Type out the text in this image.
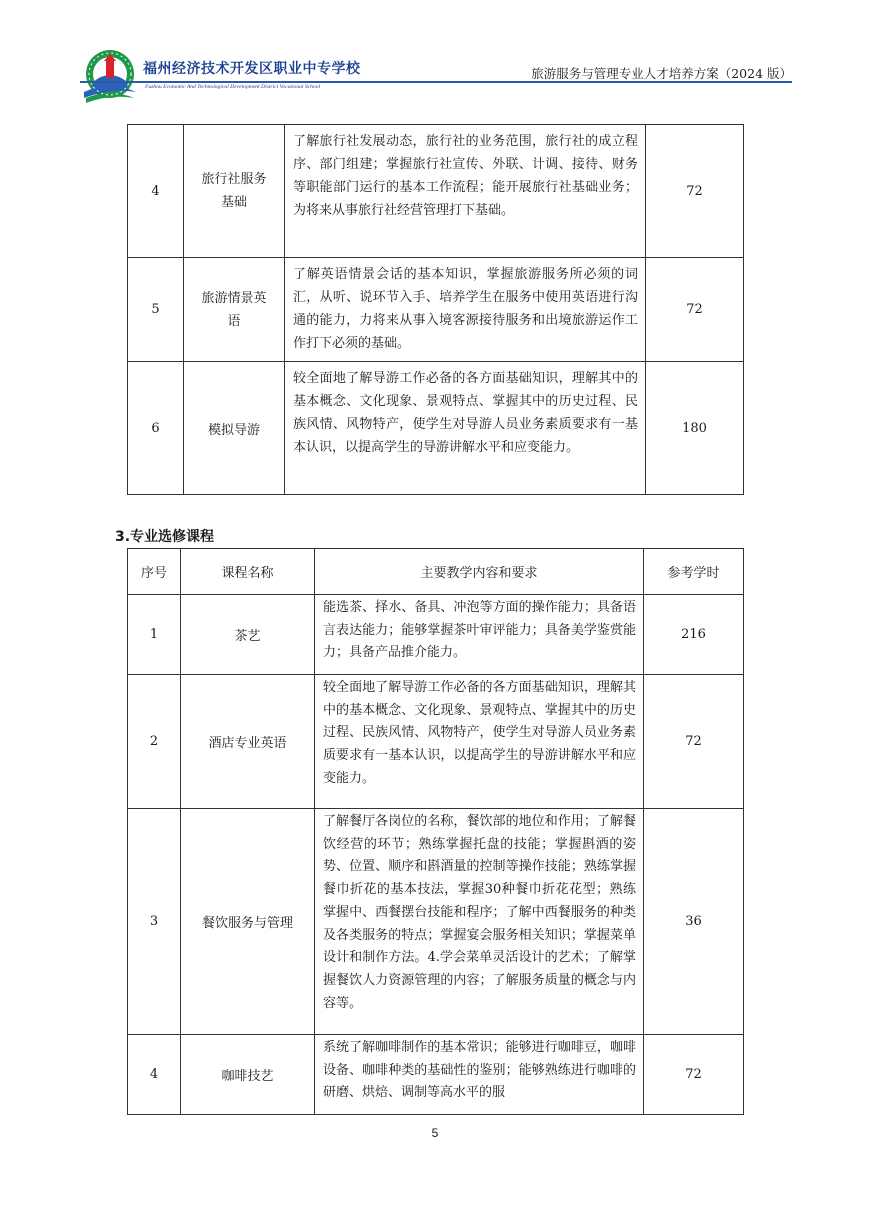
福州经济技术开发区职业中专学校
Fuzhou Economic And Technological Development District Vocational School
旅游服务与管理专业人才培养方案（2024 版）
4	旅行社服务基础	了解旅行社发展动态，旅行社的业务范围，旅行社的成立程序、部门组建；掌握旅行社宣传、外联、计调、接待、财务等职能部门运行的基本工作流程；能开展旅行社基础业务；为将来从事旅行社经营管理打下基础。	72
5	旅游情景英语	了解英语情景会话的基本知识，掌握旅游服务所必须的词汇，从听、说环节入手、培养学生在服务中使用英语进行沟通的能力，力将来从事入境客源接待服务和出境旅游运作工作打下必须的基础。	72
6	模拟导游	较全面地了解导游工作必备的各方面基础知识，理解其中的基本概念、文化现象、景观特点、掌握其中的历史过程、民族风情、风物特产，使学生对导游人员业务素质要求有一基本认识，以提高学生的导游讲解水平和应变能力。	180
3.专业选修课程
序号	课程名称	主要教学内容和要求	参考学时
1	茶艺	能选茶、择水、备具、冲泡等方面的操作能力；具备语言表达能力；能够掌握茶叶审评能力；具备美学鉴赏能力；具备产品推介能力。	216
2	酒店专业英语	较全面地了解导游工作必备的各方面基础知识，理解其中的基本概念、文化现象、景观特点、掌握其中的历史过程、民族风情、风物特产，使学生对导游人员业务素质要求有一基本认识，以提高学生的导游讲解水平和应变能力。	72
3	餐饮服务与管理	了解餐厅各岗位的名称，餐饮部的地位和作用；了解餐饮经营的环节；熟练掌握托盘的技能；掌握斟酒的姿势、位置、顺序和斟酒量的控制等操作技能；熟练掌握餐巾折花的基本技法，掌握30种餐巾折花花型；熟练掌握中、西餐摆台技能和程序；了解中西餐服务的种类及各类服务的特点；掌握宴会服务相关知识；掌握菜单设计和制作方法。4.学会菜单灵活设计的艺术；了解掌握餐饮人力资源管理的内容；了解服务质量的概念与内容等。	36
4	咖啡技艺	系统了解咖啡制作的基本常识；能够进行咖啡豆，咖啡设备、咖啡种类的基础性的鉴别；能够熟练进行咖啡的研磨、烘焙、调制等高水平的服	72
5
